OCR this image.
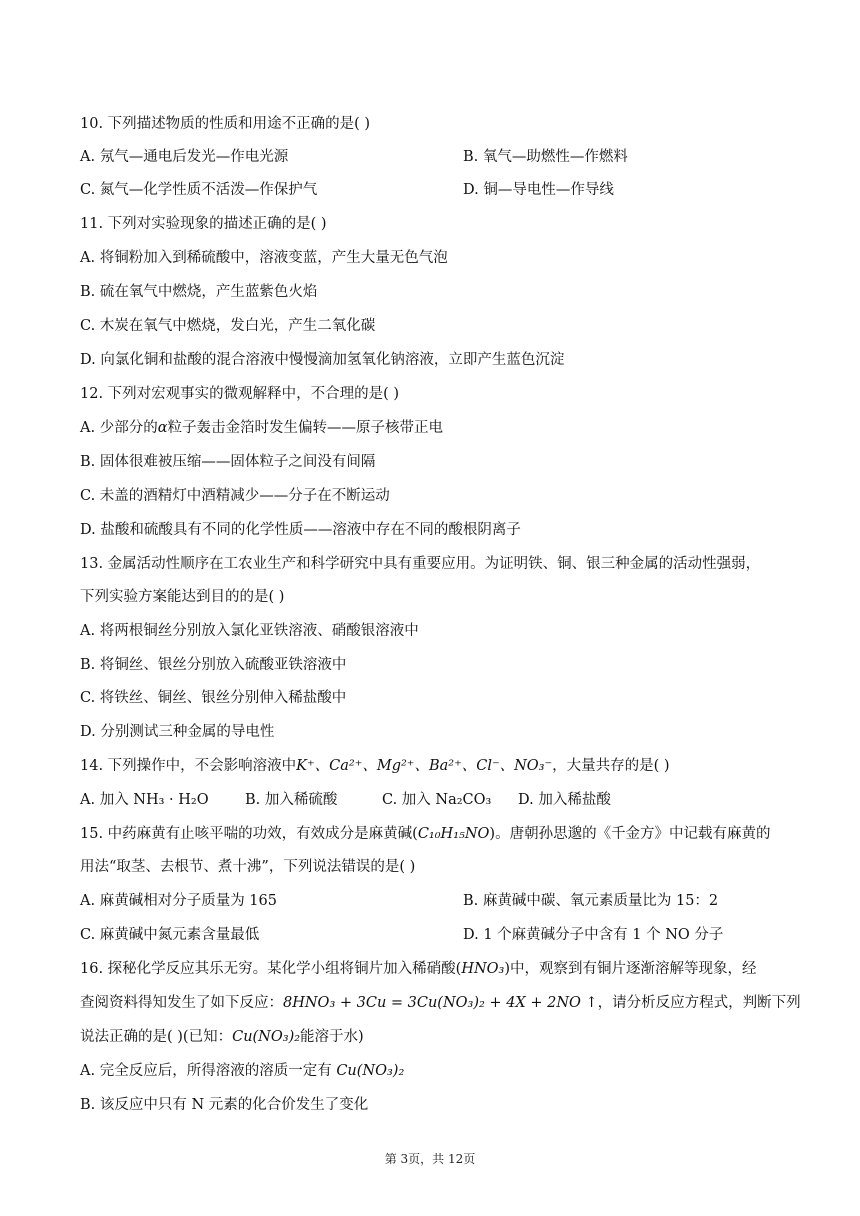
10. 下列描述物质的性质和用途不正确的是( )
A. 氖气—通电后发光—作电光源	B. 氧气—助燃性—作燃料
C. 氮气—化学性质不活泼—作保护气	D. 铜—导电性—作导线
11. 下列对实验现象的描述正确的是( )
A. 将铜粉加入到稀硫酸中，溶液变蓝，产生大量无色气泡
B. 硫在氧气中燃烧，产生蓝紫色火焰
C. 木炭在氧气中燃烧，发白光，产生二氧化碳
D. 向氯化铜和盐酸的混合溶液中慢慢滴加氢氧化钠溶液，立即产生蓝色沉淀
12. 下列对宏观事实的微观解释中，不合理的是( )
A. 少部分的α粒子轰击金箔时发生偏转——原子核带正电
B. 固体很难被压缩——固体粒子之间没有间隔
C. 未盖的酒精灯中酒精减少——分子在不断运动
D. 盐酸和硫酸具有不同的化学性质——溶液中存在不同的酸根阴离子
13. 金属活动性顺序在工农业生产和科学研究中具有重要应用。为证明铁、铜、银三种金属的活动性强弱，
下列实验方案能达到目的的是( )
A. 将两根铜丝分别放入氯化亚铁溶液、硝酸银溶液中
B. 将铜丝、银丝分别放入硫酸亚铁溶液中
C. 将铁丝、铜丝、银丝分别伸入稀盐酸中
D. 分别测试三种金属的导电性
14. 下列操作中，不会影响溶液中K⁺、Ca²⁺、Mg²⁺、Ba²⁺、Cl⁻、NO₃⁻，大量共存的是( )
A. 加入 NH₃ · H₂O	B. 加入稀硫酸	C. 加入 Na₂CO₃ D. 加入稀盐酸
15. 中药麻黄有止咳平喘的功效，有效成分是麻黄碱(C₁₀H₁₅NO)。唐朝孙思邈的《千金方》中记载有麻黄的
用法“取茎、去根节、煮十沸”，下列说法错误的是( )
A. 麻黄碱相对分子质量为 165	B. 麻黄碱中碳、氧元素质量比为 15：2
C. 麻黄碱中氮元素含量最低	D. 1 个麻黄碱分子中含有 1 个 NO 分子
16. 探秘化学反应其乐无穷。某化学小组将铜片加入稀硝酸(HNO₃)中，观察到有铜片逐渐溶解等现象，经
查阅资料得知发生了如下反应：8HNO₃ + 3Cu = 3Cu(NO₃)₂ + 4X + 2NO ↑，请分析反应方程式，判断下列
说法正确的是( )(已知：Cu(NO₃)₂能溶于水)
A. 完全反应后，所得溶液的溶质一定有 Cu(NO₃)₂
B. 该反应中只有 N 元素的化合价发生了变化
第 3页，共 12页
